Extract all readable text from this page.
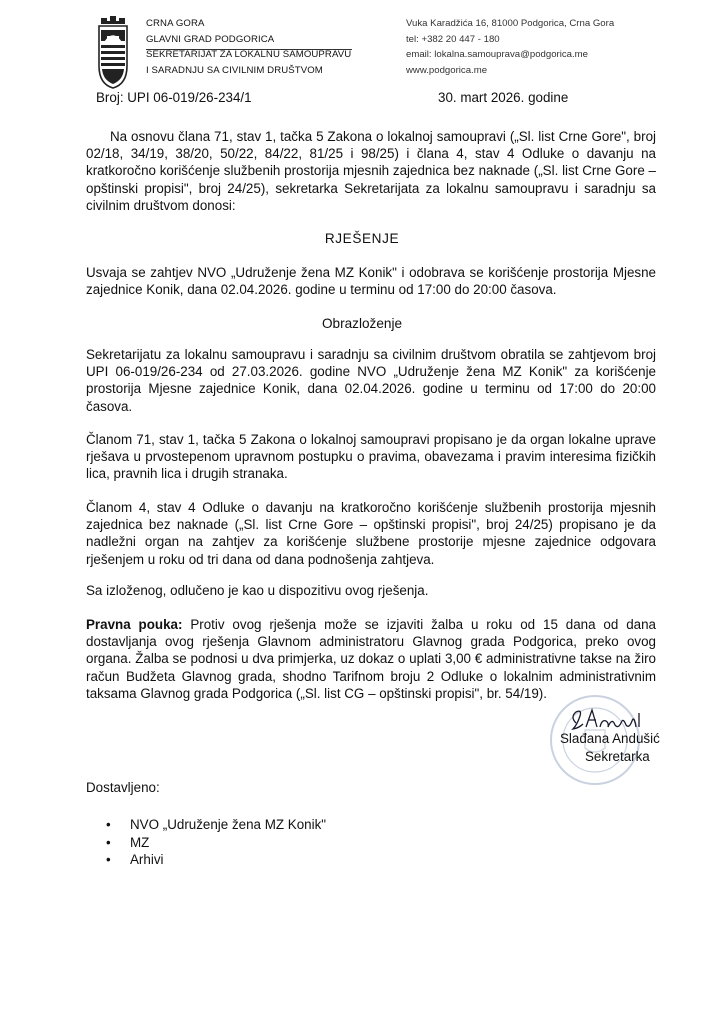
CRNA GORA
GLAVNI GRAD PODGORICA
SEKRETARIJAT ZA LOKALNU SAMOUPRAVU
I SARADNJU SA CIVILNIM DRUŠTVOM
Vuka Karadžića 16, 81000 Podgorica, Crna Gora
tel: +382 20 447 - 180
email: lokalna.samouprava@podgorica.me
www.podgorica.me
Broj: UPI 06-019/26-234/1	30. mart 2026. godine
Na osnovu člana 71, stav 1, tačka 5 Zakona o lokalnoj samoupravi („Sl. list Crne Gore", broj 02/18, 34/19, 38/20, 50/22, 84/22, 81/25 i 98/25) i člana 4, stav 4 Odluke o davanju na kratkoročno korišćenje službenih prostorija mjesnih zajednica bez naknade („Sl. list Crne Gore – opštinski propisi", broj 24/25), sekretarka Sekretarijata za lokalnu samoupravu i saradnju sa civilnim društvom donosi:
RJEŠENJE
Usvaja se zahtjev NVO „Udruženje žena MZ Konik" i odobrava se korišćenje prostorija Mjesne zajednice Konik, dana 02.04.2026. godine u terminu od 17:00 do 20:00 časova.
Obrazloženje
Sekretarijatu za lokalnu samoupravu i saradnju sa civilnim društvom obratila se zahtjevom broj UPI 06-019/26-234 od 27.03.2026. godine NVO „Udruženje žena MZ Konik" za korišćenje prostorija Mjesne zajednice Konik, dana 02.04.2026. godine u terminu od 17:00 do 20:00 časova.
Članom 71, stav 1, tačka 5 Zakona o lokalnoj samoupravi propisano je da organ lokalne uprave rješava u prvostepenom upravnom postupku o pravima, obavezama i pravim interesima fizičkih lica, pravnih lica i drugih stranaka.
Članom 4, stav 4 Odluke o davanju na kratkoročno korišćenje službenih prostorija mjesnih zajednica bez naknade („Sl. list Crne Gore – opštinski propisi", broj 24/25) propisano je da nadležni organ na zahtjev za korišćenje službene prostorije mjesne zajednice odgovara rješenjem u roku od tri dana od dana podnošenja zahtjeva.
Sa izloženog, odlučeno je kao u dispozitivu ovog rješenja.
Pravna pouka: Protiv ovog rješenja može se izjaviti žalba u roku od 15 dana od dana dostavljanja ovog rješenja Glavnom administratoru Glavnog grada Podgorica, preko ovog organa. Žalba se podnosi u dva primjerka, uz dokaz o uplati 3,00 € administrativne takse na žiro račun Budžeta Glavnog grada, shodno Tarifnom broju 2 Odluke o lokalnim administrativnim taksama Glavnog grada Podgorica („Sl. list CG – opštinski propisi", br. 54/19).
Slađana Andušić
Sekretarka
Dostavljeno:
• NVO „Udruženje žena MZ Konik"
• MZ
• Arhivi
